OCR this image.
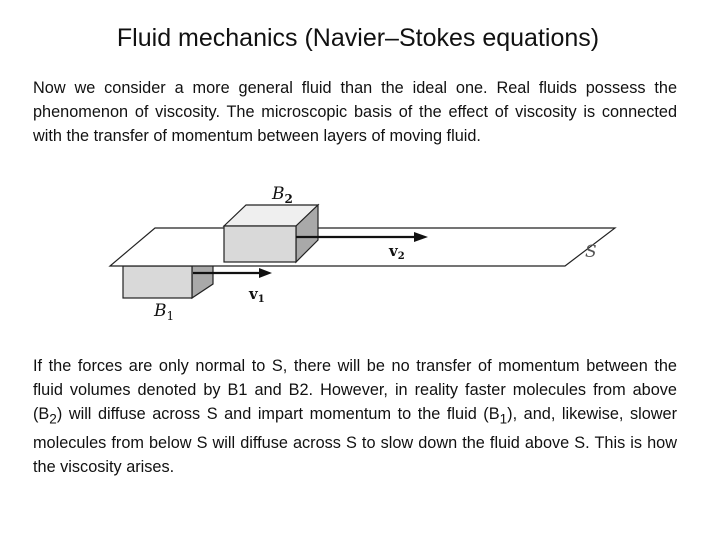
Fluid mechanics (Navier–Stokes equations)

Now we consider a more general fluid than the ideal one. Real fluids possess the phenomenon of viscosity. The microscopic basis of the effect of viscosity is connected with the transfer of momentum between layers of moving fluid.

$B_2$
$v_2$	S
$v_1$
$B_1$

If the forces are only normal to S, there will be no transfer of momentum between the fluid volumes denoted by B1 and B2. However, in reality faster molecules from above $(B_2)$ will diffuse across S and impart momentum to the fluid $(B_1)$, and, likewise, slower molecules from below S will diffuse across S to slow down the fluid above S. This is how the viscosity arises.
